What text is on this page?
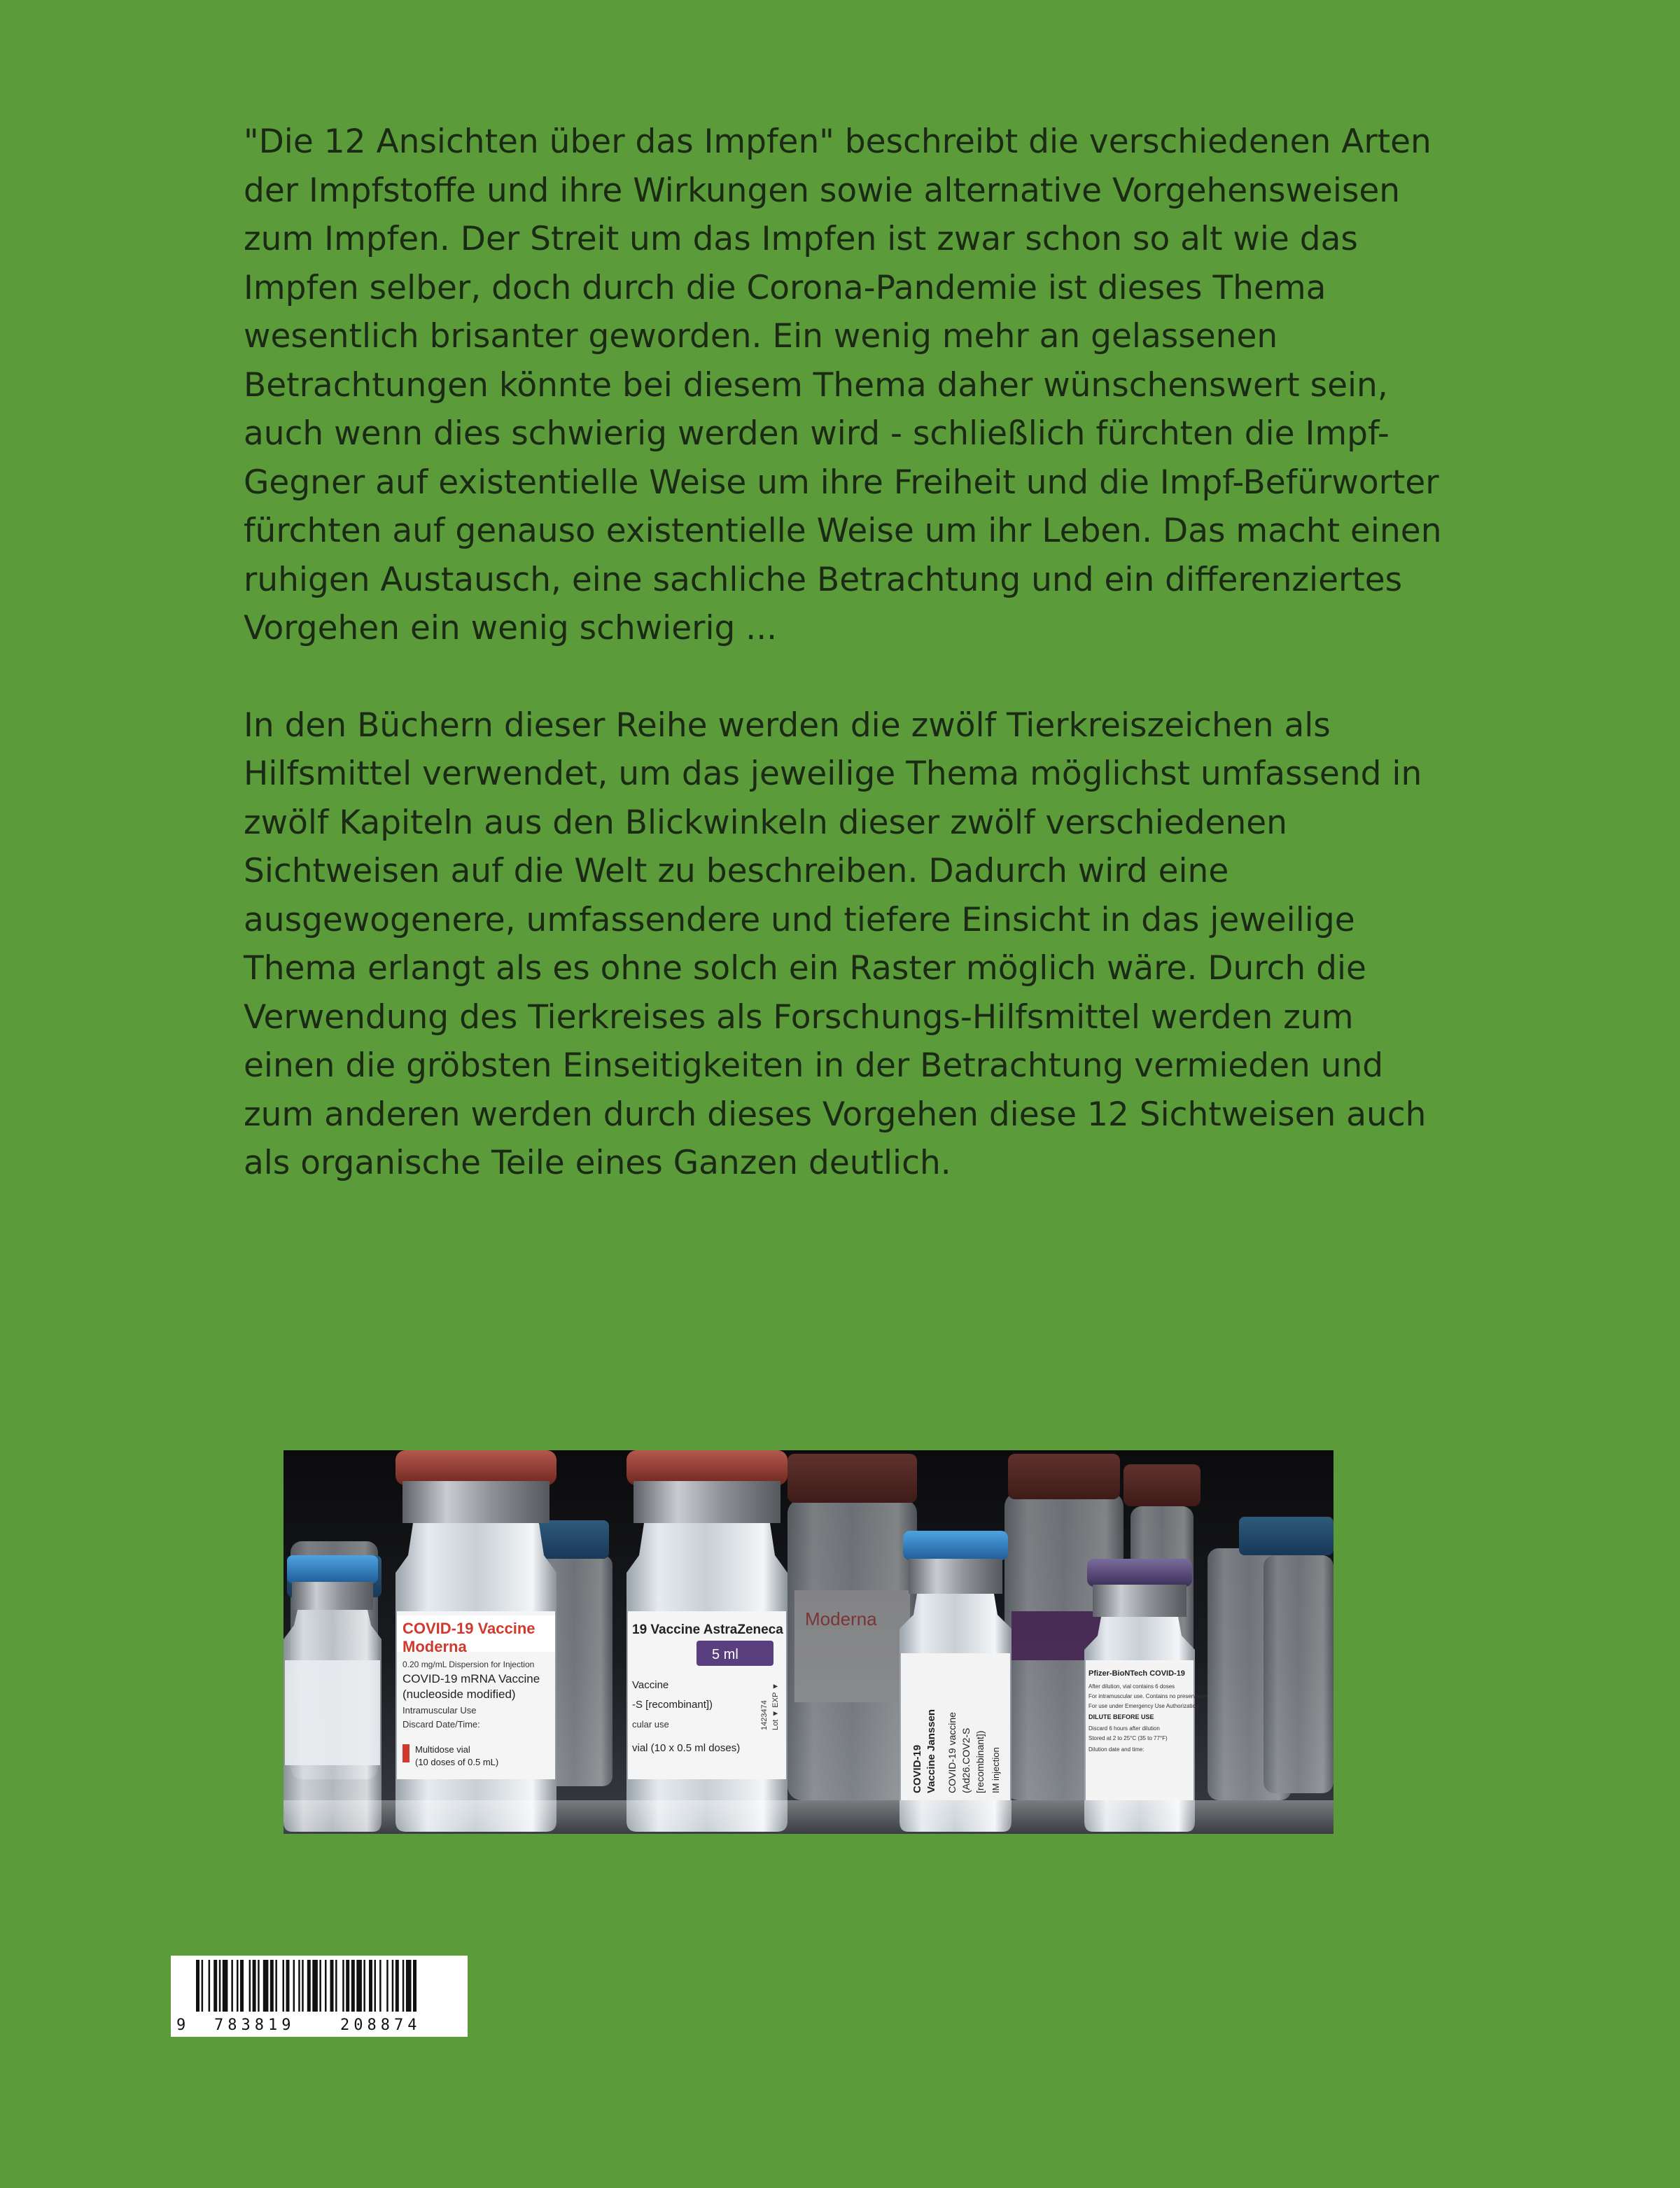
"Die 12 Ansichten über das Impfen" beschreibt die verschiedenen Arten der Impfstoffe und ihre Wirkungen sowie alternative Vorgehensweisen zum Impfen. Der Streit um das Impfen ist zwar schon so alt wie das Impfen selber, doch durch die Corona-Pandemie ist dieses Thema wesentlich brisanter geworden. Ein wenig mehr an gelassenen Betrachtungen könnte bei diesem Thema daher wünschenswert sein, auch wenn dies schwierig werden wird - schließlich fürchten die Impf-Gegner auf existentielle Weise um ihre Freiheit und die Impf-Befürworter fürchten auf genauso existentielle Weise um ihr Leben. Das macht einen ruhigen Austausch, eine sachliche Betrachtung und ein differenziertes Vorgehen ein wenig schwierig ...

In den Büchern dieser Reihe werden die zwölf Tierkreiszeichen als Hilfsmittel verwendet, um das jeweilige Thema möglichst umfassend in zwölf Kapiteln aus den Blickwinkeln dieser zwölf verschiedenen Sichtweisen auf die Welt zu beschreiben. Dadurch wird eine ausgewogenere, umfassendere und tiefere Einsicht in das jeweilige Thema erlangt als es ohne solch ein Raster möglich wäre. Durch die Verwendung des Tierkreises als Forschungs-Hilfsmittel werden zum einen die gröbsten Einseitigkeiten in der Betrachtung vermieden und zum anderen werden durch dieses Vorgehen diese 12 Sichtweisen auch als organische Teile eines Ganzen deutlich.

Moderna
COVID-19 Vaccine
Moderna
0.20 mg/mL Dispersion for Injection
COVID-19 mRNA Vaccine
(nucleoside modified)
Intramuscular Use
Discard Date/Time:
Multidose vial
(10 doses of 0.5 mL)
19 Vaccine AstraZeneca
5 ml
Vaccine
-S [recombinant])
cular use
vial (10 x 0.5 ml doses)
1423474 Lot ▼ EXP ▼
COVID-19 Vaccine Janssen COVID-19 vaccine (Ad26.COV2-S [recombinant]) IM injection
Pfizer-BioNTech COVID-19
After dilution, vial contains 6 doses
For intramuscular use. Contains no preservative
For use under Emergency Use Authorization
DILUTE BEFORE USE
Discard 6 hours after dilution
Stored at 2 to 25°C (35 to 77°F)
Dilution date and time:
9 783819	208874
